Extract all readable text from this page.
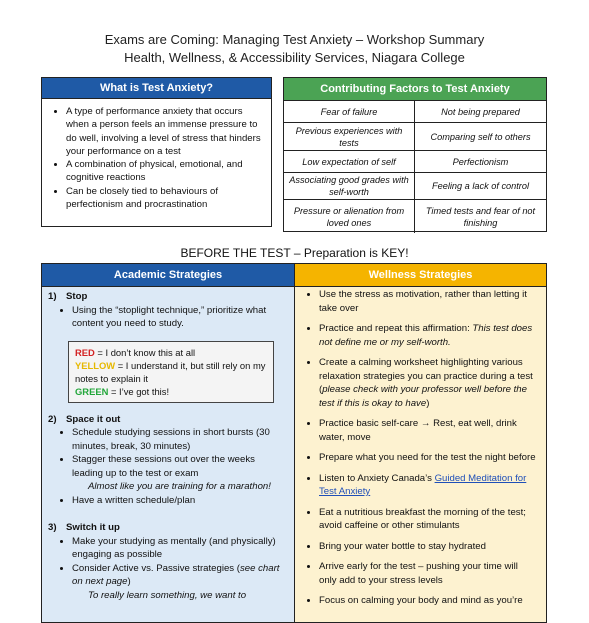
Exams are Coming: Managing Test Anxiety – Workshop Summary
Health, Wellness, & Accessibility Services, Niagara College
What is Test Anxiety?
• A type of performance anxiety that occurs when a person feels an immense pressure to do well, involving a level of stress that hinders your performance on a test
• A combination of physical, emotional, and cognitive reactions
• Can be closely tied to behaviours of perfectionism and procrastination
Contributing Factors to Test Anxiety
Fear of failure	Not being prepared
Previous experiences with tests
Comparing self to others
Low expectation of self	Perfectionism
Associating good grades with self-worth
Feeling a lack of control
Pressure or alienation from loved ones
Timed tests and fear of not finishing
BEFORE THE TEST – Preparation is KEY!
Academic Strategies
1) Stop
• Using the “stoplight technique,” prioritize what content you need to study.
RED = I don’t know this at all
YELLOW = I understand it, but still rely on my notes to explain it
GREEN = I’ve got this!
2) Space it out
• Schedule studying sessions in short bursts (30 minutes, break, 30 minutes)
• Stagger these sessions out over the weeks leading up to the test or exam
Almost like you are training for a marathon!
• Have a written schedule/plan
3) Switch it up
• Make your studying as mentally (and physically) engaging as possible
• Consider Active vs. Passive strategies (see chart on next page)
To really learn something, we want to
Wellness Strategies
• Use the stress as motivation, rather than letting it take over
• Practice and repeat this affirmation: This test does not define me or my self-worth.
• Create a calming worksheet highlighting various relaxation strategies you can practice during a test (please check with your professor well before the test if this is okay to have)
• Practice basic self-care → Rest, eat well, drink water, move
• Prepare what you need for the test the night before
• Listen to Anxiety Canada’s Guided Meditation for Test Anxiety
• Eat a nutritious breakfast the morning of the test; avoid caffeine or other stimulants
• Bring your water bottle to stay hydrated
• Arrive early for the test – pushing your time will only add to your stress levels
• Focus on calming your body and mind as you’re
